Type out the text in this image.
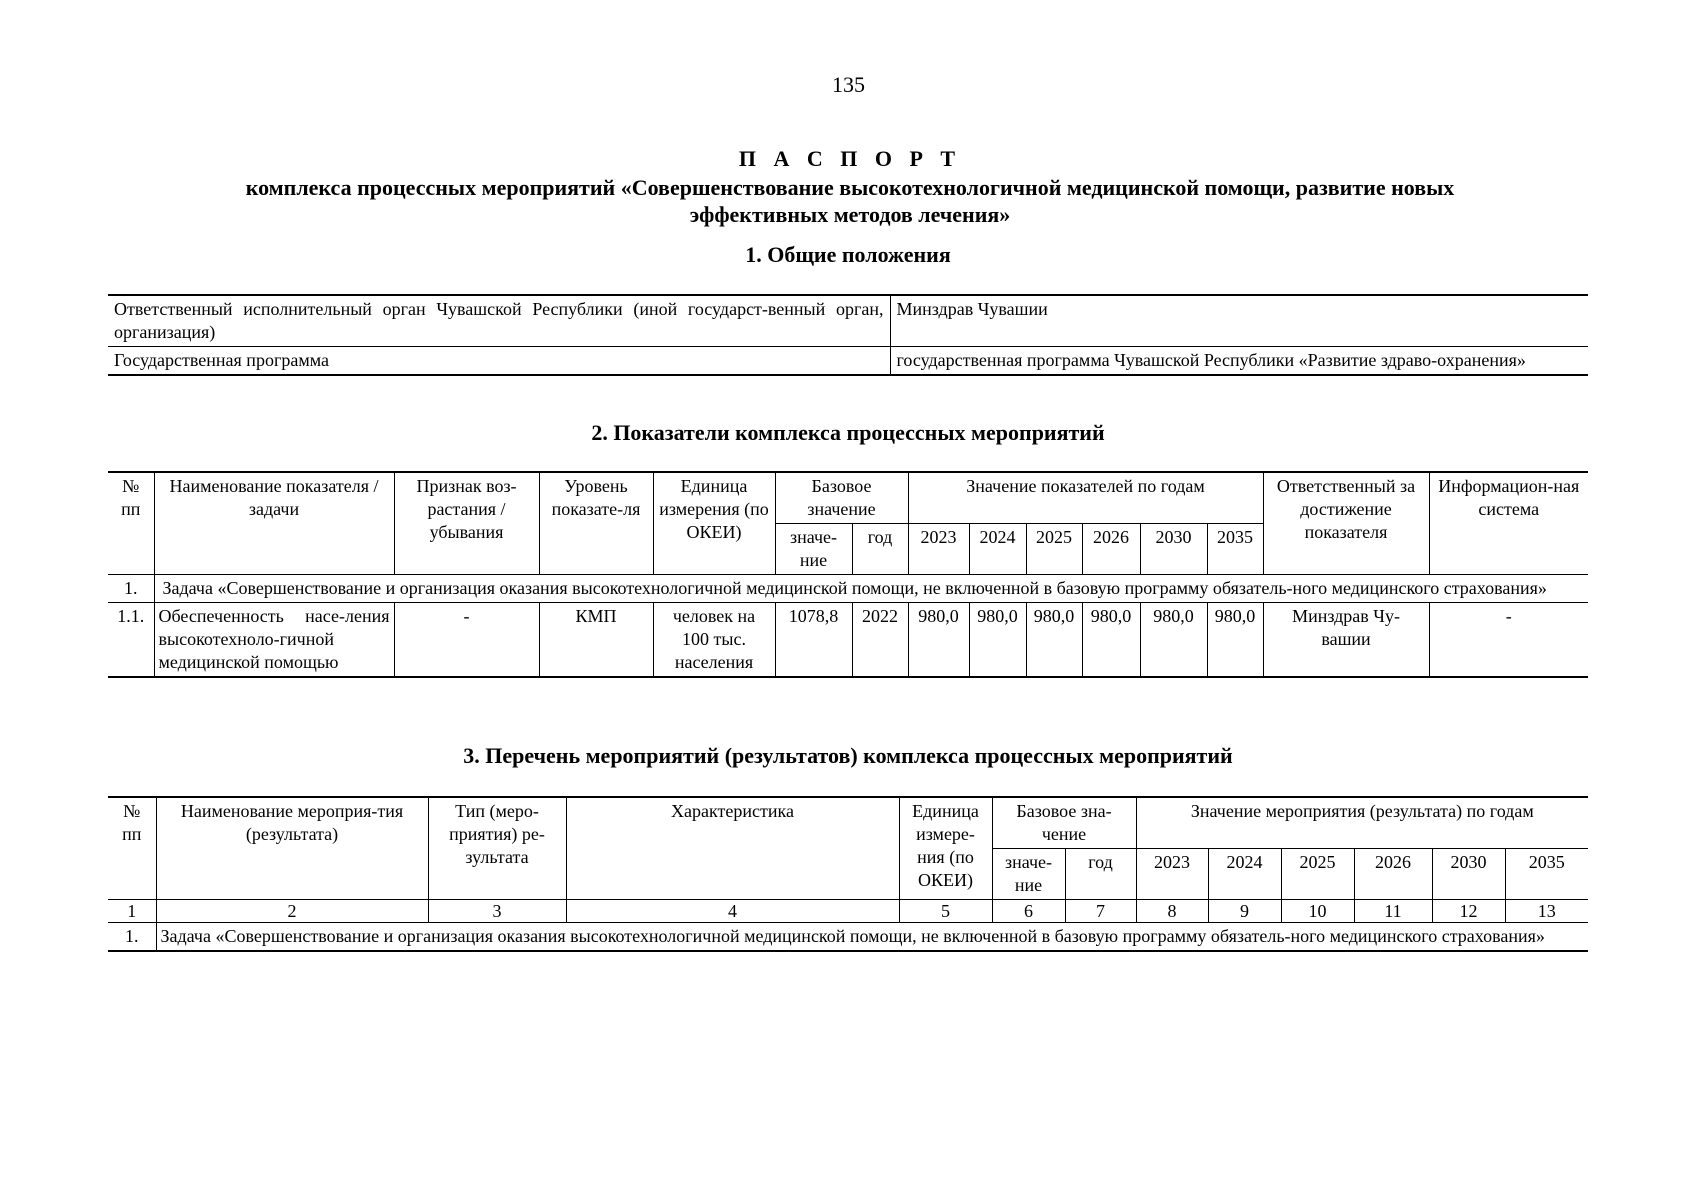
135
П А С П О Р Т
комплекса процессных мероприятий «Совершенствование высокотехнологичной медицинской помощи, развитие новых
эффективных методов лечения»
1. Общие положения
Ответственный исполнительный орган Чувашской Республики (иной государст-венный орган, организация)	Минздрав Чувашии
Государственная программа	государственная программа Чувашской Республики «Развитие здраво-охранения»
2. Показатели комплекса процессных мероприятий
№ пп	Наименование показателя / задачи	Признак воз-растания / убывания	Уровень показате-ля	Единица измерения (по ОКЕИ)	Базовое значение		Значение показателей по годам						Ответственный за достижение показателя	Информацион-ная система
					значе-ние	год								
							2023	2024	2025	2026	2030	2035		
1.	Задача «Совершенствование и организация оказания высокотехнологичной медицинской помощи, не включенной в базовую программу обязатель-ного медицинского страхования»													
1.1.	Обеспеченность насе-ления высокотехноло-гичной медицинской помощью	-	КМП	человек на 100 тыс. населения	1078,8	2022	980,0	980,0	980,0	980,0	980,0	980,0	Минздрав Чу-вашии	-
3. Перечень мероприятий (результатов) комплекса процессных мероприятий
№ пп	Наименование мероприя-тия (результата)	Тип (меро-приятия) ре-зультата	Характеристика	Единица измере-ния (по ОКЕИ)	Базовое зна-чение		Значение мероприятия (результата) по годам					
					значе-ние	год	2023	2024	2025	2026	2030	2035
1	2	3	4	5	6	7	8	9	10	11	12	13
1.	Задача «Совершенствование и организация оказания высокотехнологичной медицинской помощи, не включенной в базовую программу обязатель-ного медицинского страхования»											
